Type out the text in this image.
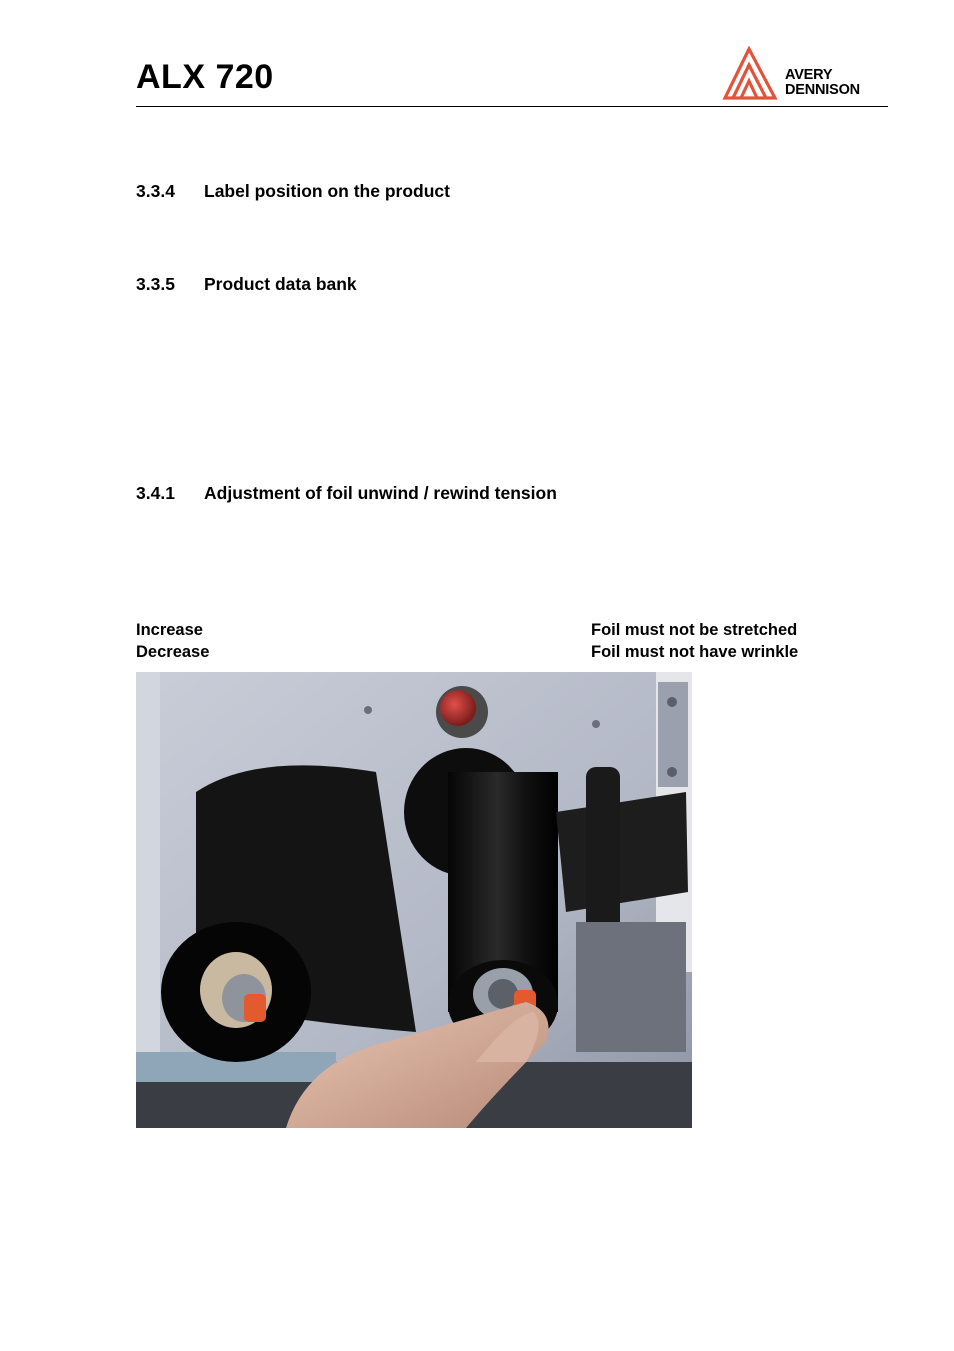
ALX 720	AVERY
DENNISON
3.3.4 Label position on the product
3.3.5 Product data bank
3.4.1 Adjustment of foil unwind / rewind tension
Increase
Decrease
Foil must not be stretched
Foil must not have wrinkle
